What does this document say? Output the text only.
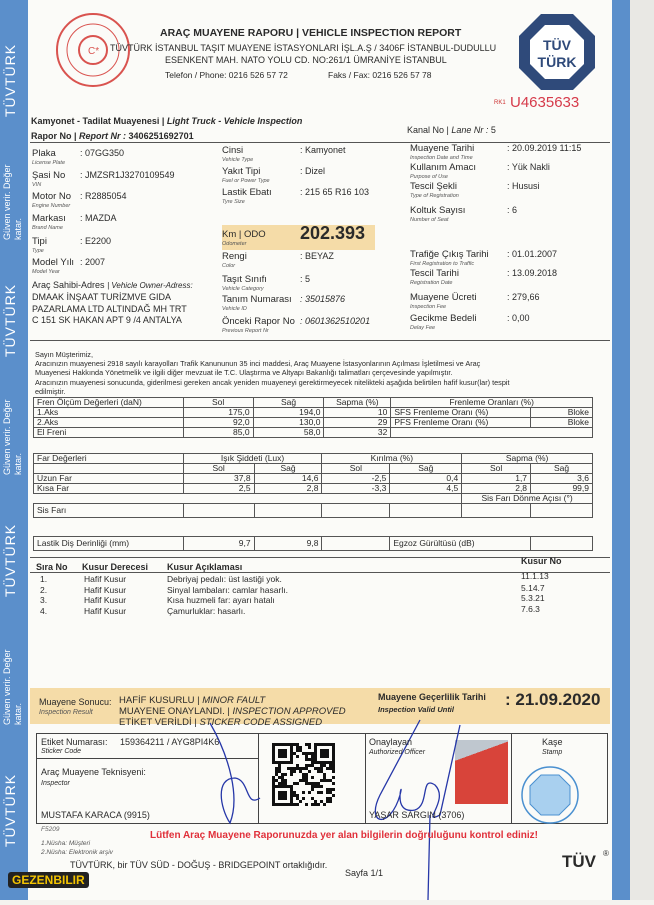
TÜVTÜRK
Güven verir. Değer katar.
TÜVTÜRK
Güven verir. Değer katar.
TÜVTÜRK
Güven verir. Değer katar.
TÜVTÜRK
C*
ARAÇ MUAYENE RAPORU | VEHICLE INSPECTION REPORT
TÜVTÜRK İSTANBUL TAŞIT MUAYENE İSTASYONLARI İŞL.A.Ş / 3406F İSTANBUL-DUDULLU
ESENKENT MAH. NATO YOLU CD. NO:261/1 ÜMRANİYE İSTANBUL
Telefon / Phone: 0216 526 57 72	Faks / Fax: 0216 526 57 78
TÜV
TÜRK
RK1 U4635633
Kamyonet - Tadilat Muayenesi | Light Truck - Vehicle Inspection
Rapor No | Report Nr : 3406251692701
Kanal No | Lane Nr : 5
Plaka
License Plate
: 07GG350
Şasi No
VIN
: JMZSR1J3270109549
Motor No
Engine Number
: R2885054
Markası
Brand Name
: MAZDA
Tipi
Type
: E2200
Model Yılı
Model Year
: 2007
Cinsi
Vehicle Type
: Kamyonet
Yakıt Tipi
Fuel or Power Type
: Dizel
Lastik Ebatı
Tyre Size
: 215 65 R16 103
Km | ODO
Odometer
202.393
Rengi
Color
: BEYAZ
Taşıt Sınıfı
Vehicle Category
: 5
Tanım Numarası
Vehicle ID
: 35015876
Önceki Rapor No
Previous Report Nr
: 0601362510201
Muayene Tarihi
Inspection Date and Time
: 20.09.2019 11:15
Kullanım Amacı
Purpose of Use
: Yük Nakli
Tescil Şekli
Type of Registration
: Hususi
Koltuk Sayısı
Number of Seat
: 6
Trafiğe Çıkış Tarihi
First Registration to Traffic
: 01.01.2007
Tescil Tarihi
Registration Date
: 13.09.2018
Muayene Ücreti
Inspection Fee
: 279,66
Gecikme Bedeli
Delay Fee
: 0,00
Araç Sahibi-Adres | Vehicle Owner-Adress:
DMAAK İNŞAAT TURİZMVE GIDA
PAZARLAMA LTD ALTINDAĞ MH TRT
C 151 SK HAKAN APT 9 /4 ANTALYA
Sayın Müşterimiz,
Aracınızın muayenesi 2918 sayılı karayolları Trafik Kanununun 35 inci maddesi, Araç Muayene İstasyonlarının Açılması İşletilmesi ve Araç
Muayenesi Hakkında Yönetmelik ve ilgili diğer mevzuat ile T.C. Ulaştırma ve Altyapı Bakanlığı talimatları çerçevesinde yapılmıştır.
Aracınızın muayenesi sonucunda, giderilmesi gereken ancak yeniden muayeneyi gerektirmeyecek nitelikteki aşağıda belirtilen hafif kusur(lar) tespit
edilmiştir.
Fren Ölçüm Değerleri (daN)	Sol	Sağ	Sapma (%)	Frenleme Oranları (%)	
1.Aks	175,0	194,0	10	SFS Frenleme Oranı (%)	Bloke
2.Aks	92,0	130,0	29	PFS Frenleme Oranı (%)	Bloke
El Freni	85,0	58,0	32		
Far Değerleri	Işık Şiddeti (Lux)		Kırılma (%)		Sapma (%)	
	Sol	Sağ	Sol	Sağ	Sol	Sağ
Uzun Far	37,8	14,6	-2,5	0,4	1,7	3,6
Kısa Far	2,5	2,8	-3,3	4,5	2,8	99,9
					Sis Farı Dönme Açısı (°)	
Sis Farı						
Lastik Diş Derinliği (mm)	9,7	9,8		Egzoz Gürültüsü (dB)	
Sıra No Kusur Derecesi Kusur Açıklaması
Kusur No
1.	Hafif Kusur	Debriyaj pedalı: üst lastiği yok.	11.1.13
2.	Hafif Kusur	Sinyal lambaları: camlar hasarlı.	5.14.7
3.	Hafif Kusur	Kısa huzmeli far: ayarı hatalı	5.3.21
4.	Hafif Kusur	Çamurluklar: hasarlı.	7.6.3
Muayene Sonucu:
Inspection Result
HAFİF KUSURLU | MINOR FAULT
MUAYENE ONAYLANDI. | INSPECTION APPROVED
ETİKET VERİLDİ | STICKER CODE ASSIGNED
Muayene Geçerlilik Tarihi
Inspection Valid Until
: 21.09.2020
Etiket Numarası:
Sticker Code
159364211 / AYG8PI4K6
Araç Muayene Teknisyeni:
Inspector
MUSTAFA KARACA (9915)
Onaylayan
Authorized Officer
YAŞAR SARGIN (3706)
Kaşe
Stamp
F5209
Lütfen Araç Muayene Raporunuzda yer alan bilgilerin doğruluğunu kontrol ediniz!
1.Nüsha: Müşteri
2.Nüsha: Elektronik arşiv
TÜVTÜRK, bir TÜV SÜD - DOĞUŞ - BRIDGEPOINT ortaklığıdır.
Sayfa 1/1
TÜV ®
GEZENBILIR
